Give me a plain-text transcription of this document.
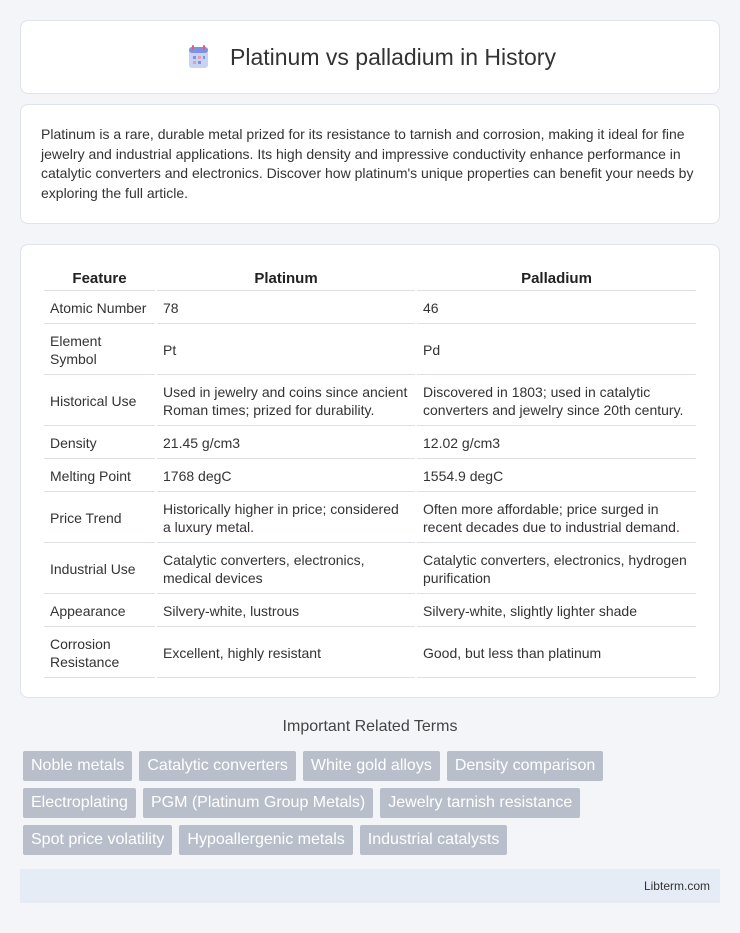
Platinum vs palladium in History

Platinum is a rare, durable metal prized for its resistance to tarnish and corrosion, making it ideal for fine jewelry and industrial applications. Its high density and impressive conductivity enhance performance in catalytic converters and electronics. Discover how platinum's unique properties can benefit your needs by exploring the full article.

Feature	Platinum	Palladium
Atomic Number	78	46
Element Symbol	Pt	Pd
Historical Use	Used in jewelry and coins since ancient Roman times; prized for durability.	Discovered in 1803; used in catalytic converters and jewelry since 20th century.
Density	21.45 g/cm3	12.02 g/cm3
Melting Point	1768 degC	1554.9 degC
Price Trend	Historically higher in price; considered a luxury metal.	Often more affordable; price surged in recent decades due to industrial demand.
Industrial Use	Catalytic converters, electronics, medical devices	Catalytic converters, electronics, hydrogen purification
Appearance	Silvery-white, lustrous	Silvery-white, slightly lighter shade
Corrosion Resistance	Excellent, highly resistant	Good, but less than platinum
Important Related Terms
Noble metals	Catalytic converters	White gold alloys	Density comparison
Electroplating	PGM (Platinum Group Metals)	Jewelry tarnish resistance
Spot price volatility	Hypoallergenic metals	Industrial catalysts
Libterm.com
